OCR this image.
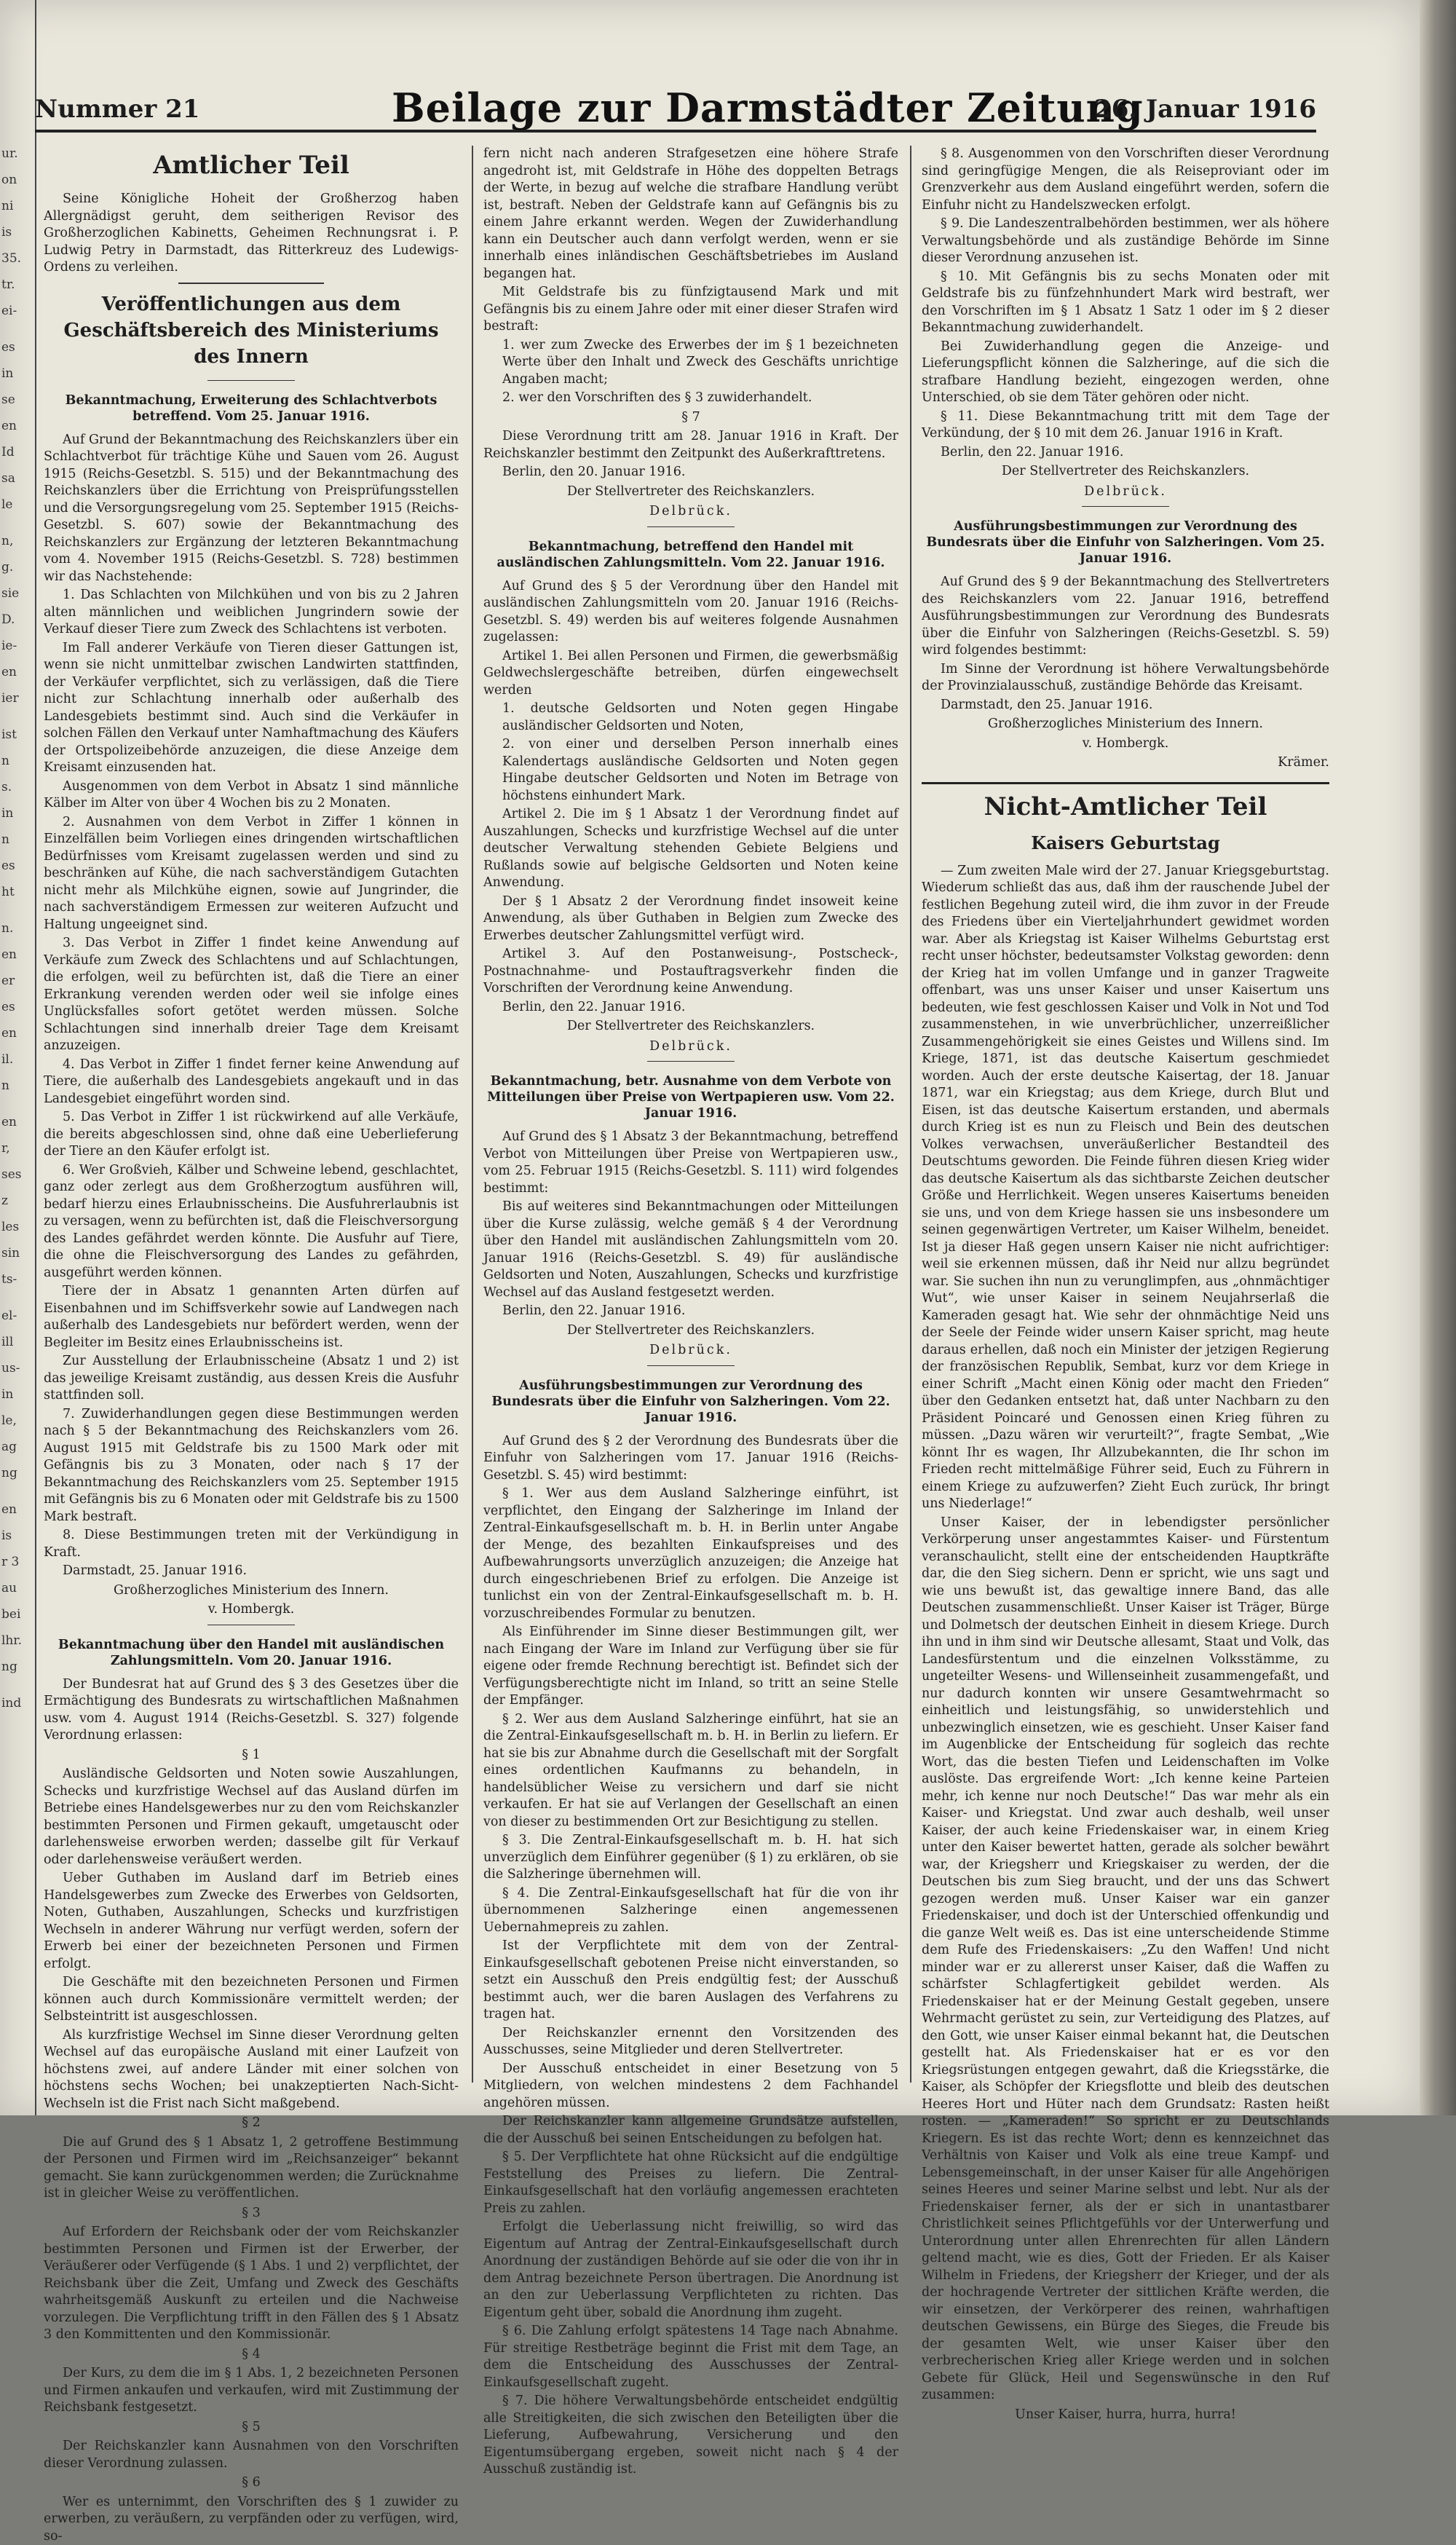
ur.
on
ni
is
35.
tr.
ei-
es
in
se
en
Id
sa
le
n,
g.
sie
D.
ie-
en
ier
ist
n
s.
in
n
es
ht
n.
en
er
es
en
il.
n
en
r,
ses
z
les
sin
ts-
el-
ill
us-
in
le,
ag
ng
en
is
r 3
au
bei
lhr.
ng
ind
Nummer 21	Beilage zur Darmstädter Zeitung
26. Januar 1916
Amtlicher Teil

Seine Königliche Hoheit der Großherzog haben Allergnädigst geruht, dem seitherigen Revisor des Großherzoglichen Kabinetts, Geheimen Rechnungsrat i. P. Ludwig Petry in Darmstadt, das Ritterkreuz des Ludewigs-Ordens zu verleihen.

Veröffentlichungen aus dem Geschäftsbereich des Ministeriums des Innern
Bekanntmachung, Erweiterung des Schlachtverbots betreffend. Vom 25. Januar 1916.

Auf Grund der Bekanntmachung des Reichskanzlers über ein Schlachtverbot für trächtige Kühe und Sauen vom 26. August 1915 (Reichs-Gesetzbl. S. 515) und der Bekanntmachung des Reichskanzlers über die Errichtung von Preisprüfungsstellen und die Versorgungsregelung vom 25. September 1915 (Reichs-Gesetzbl. S. 607) sowie der Bekanntmachung des Reichskanzlers zur Ergänzung der letzteren Bekanntmachung vom 4. November 1915 (Reichs-Gesetzbl. S. 728) bestimmen wir das Nachstehende:

1. Das Schlachten von Milchkühen und von bis zu 2 Jahren alten männlichen und weiblichen Jungrindern sowie der Verkauf dieser Tiere zum Zweck des Schlachtens ist verboten.

Im Fall anderer Verkäufe von Tieren dieser Gattungen ist, wenn sie nicht unmittelbar zwischen Landwirten stattfinden, der Verkäufer verpflichtet, sich zu verlässigen, daß die Tiere nicht zur Schlachtung innerhalb oder außerhalb des Landesgebiets bestimmt sind. Auch sind die Verkäufer in solchen Fällen den Verkauf unter Namhaftmachung des Käufers der Ortspolizeibehörde anzuzeigen, die diese Anzeige dem Kreisamt einzusenden hat.

Ausgenommen von dem Verbot in Absatz 1 sind männliche Kälber im Alter von über 4 Wochen bis zu 2 Monaten.

2. Ausnahmen von dem Verbot in Ziffer 1 können in Einzelfällen beim Vorliegen eines dringenden wirtschaftlichen Bedürfnisses vom Kreisamt zugelassen werden und sind zu beschränken auf Kühe, die nach sachverständigem Gutachten nicht mehr als Milchkühe eignen, sowie auf Jungrinder, die nach sachverständigem Ermessen zur weiteren Aufzucht und Haltung ungeeignet sind.

3. Das Verbot in Ziffer 1 findet keine Anwendung auf Verkäufe zum Zweck des Schlachtens und auf Schlachtungen, die erfolgen, weil zu befürchten ist, daß die Tiere an einer Erkrankung verenden werden oder weil sie infolge eines Unglücksfalles sofort getötet werden müssen. Solche Schlachtungen sind innerhalb dreier Tage dem Kreisamt anzuzeigen.

4. Das Verbot in Ziffer 1 findet ferner keine Anwendung auf Tiere, die außerhalb des Landesgebiets angekauft und in das Landesgebiet eingeführt worden sind.

5. Das Verbot in Ziffer 1 ist rückwirkend auf alle Verkäufe, die bereits abgeschlossen sind, ohne daß eine Ueberlieferung der Tiere an den Käufer erfolgt ist.

6. Wer Großvieh, Kälber und Schweine lebend, geschlachtet, ganz oder zerlegt aus dem Großherzogtum ausführen will, bedarf hierzu eines Erlaubnisscheins. Die Ausfuhrerlaubnis ist zu versagen, wenn zu befürchten ist, daß die Fleischversorgung des Landes gefährdet werden könnte. Die Ausfuhr auf Tiere, die ohne die Fleischversorgung des Landes zu gefährden, ausgeführt werden können.

Tiere der in Absatz 1 genannten Arten dürfen auf Eisenbahnen und im Schiffsverkehr sowie auf Landwegen nach außerhalb des Landesgebiets nur befördert werden, wenn der Begleiter im Besitz eines Erlaubnisscheins ist.

Zur Ausstellung der Erlaubnisscheine (Absatz 1 und 2) ist das jeweilige Kreisamt zuständig, aus dessen Kreis die Ausfuhr stattfinden soll.

7. Zuwiderhandlungen gegen diese Bestimmungen werden nach § 5 der Bekanntmachung des Reichskanzlers vom 26. August 1915 mit Geldstrafe bis zu 1500 Mark oder mit Gefängnis bis zu 3 Monaten, oder nach § 17 der Bekanntmachung des Reichskanzlers vom 25. September 1915 mit Gefängnis bis zu 6 Monaten oder mit Geldstrafe bis zu 1500 Mark bestraft.

8. Diese Bestimmungen treten mit der Verkündigung in Kraft.

Darmstadt, 25. Januar 1916.

Großherzogliches Ministerium des Innern.
v. Hombergk.
Bekanntmachung über den Handel mit ausländischen Zahlungsmitteln. Vom 20. Januar 1916.

Der Bundesrat hat auf Grund des § 3 des Gesetzes über die Ermächtigung des Bundesrats zu wirtschaftlichen Maßnahmen usw. vom 4. August 1914 (Reichs-Gesetzbl. S. 327) folgende Verordnung erlassen:

§ 1

Ausländische Geldsorten und Noten sowie Auszahlungen, Schecks und kurzfristige Wechsel auf das Ausland dürfen im Betriebe eines Handelsgewerbes nur zu den vom Reichskanzler bestimmten Personen und Firmen gekauft, umgetauscht oder darlehensweise erworben werden; dasselbe gilt für Verkauf oder darlehensweise veräußert werden.

Ueber Guthaben im Ausland darf im Betrieb eines Handelsgewerbes zum Zwecke des Erwerbes von Geldsorten, Noten, Guthaben, Auszahlungen, Schecks und kurzfristigen Wechseln in anderer Währung nur verfügt werden, sofern der Erwerb bei einer der bezeichneten Personen und Firmen erfolgt.

Die Geschäfte mit den bezeichneten Personen und Firmen können auch durch Kommissionäre vermittelt werden; der Selbsteintritt ist ausgeschlossen.

Als kurzfristige Wechsel im Sinne dieser Verordnung gelten Wechsel auf das europäische Ausland mit einer Laufzeit von höchstens zwei, auf andere Länder mit einer solchen von höchstens sechs Wochen; bei unakzeptierten Nach-Sicht-Wechseln ist die Frist nach Sicht maßgebend.

§ 2

Die auf Grund des § 1 Absatz 1, 2 getroffene Bestimmung der Personen und Firmen wird im „Reichsanzeiger“ bekannt gemacht. Sie kann zurückgenommen werden; die Zurücknahme ist in gleicher Weise zu veröffentlichen.

§ 3

Auf Erfordern der Reichsbank oder der vom Reichskanzler bestimmten Personen und Firmen ist der Erwerber, der Veräußerer oder Verfügende (§ 1 Abs. 1 und 2) verpflichtet, der Reichsbank über die Zeit, Umfang und Zweck des Geschäfts wahrheitsgemäß Auskunft zu erteilen und die Nachweise vorzulegen. Die Verpflichtung trifft in den Fällen des § 1 Absatz 3 den Kommittenten und den Kommissionär.

§ 4

Der Kurs, zu dem die im § 1 Abs. 1, 2 bezeichneten Personen und Firmen ankaufen und verkaufen, wird mit Zustimmung der Reichsbank festgesetzt.

§ 5

Der Reichskanzler kann Ausnahmen von den Vorschriften dieser Verordnung zulassen.

§ 6

Wer es unternimmt, den Vorschriften des § 1 zuwider zu erwerben, zu veräußern, zu verpfänden oder zu verfügen, wird, so-

fern nicht nach anderen Strafgesetzen eine höhere Strafe angedroht ist, mit Geldstrafe in Höhe des doppelten Betrags der Werte, in bezug auf welche die strafbare Handlung verübt ist, bestraft. Neben der Geldstrafe kann auf Gefängnis bis zu einem Jahre erkannt werden. Wegen der Zuwiderhandlung kann ein Deutscher auch dann verfolgt werden, wenn er sie innerhalb eines inländischen Geschäftsbetriebes im Ausland begangen hat.

Mit Geldstrafe bis zu fünfzigtausend Mark und mit Gefängnis bis zu einem Jahre oder mit einer dieser Strafen wird bestraft:

1. wer zum Zwecke des Erwerbes der im § 1 bezeichneten Werte über den Inhalt und Zweck des Geschäfts unrichtige Angaben macht;

2. wer den Vorschriften des § 3 zuwiderhandelt.

§ 7

Diese Verordnung tritt am 28. Januar 1916 in Kraft. Der Reichskanzler bestimmt den Zeitpunkt des Außerkrafttretens.

Berlin, den 20. Januar 1916.

Der Stellvertreter des Reichskanzlers.
Delbrück.
Bekanntmachung, betreffend den Handel mit ausländischen Zahlungsmitteln. Vom 22. Januar 1916.

Auf Grund des § 5 der Verordnung über den Handel mit ausländischen Zahlungsmitteln vom 20. Januar 1916 (Reichs-Gesetzbl. S. 49) werden bis auf weiteres folgende Ausnahmen zugelassen:

Artikel 1. Bei allen Personen und Firmen, die gewerbsmäßig Geldwechslergeschäfte betreiben, dürfen eingewechselt werden

1. deutsche Geldsorten und Noten gegen Hingabe ausländischer Geldsorten und Noten,

2. von einer und derselben Person innerhalb eines Kalendertags ausländische Geldsorten und Noten gegen Hingabe deutscher Geldsorten und Noten im Betrage von höchstens einhundert Mark.

Artikel 2. Die im § 1 Absatz 1 der Verordnung findet auf Auszahlungen, Schecks und kurzfristige Wechsel auf die unter deutscher Verwaltung stehenden Gebiete Belgiens und Rußlands sowie auf belgische Geldsorten und Noten keine Anwendung.

Der § 1 Absatz 2 der Verordnung findet insoweit keine Anwendung, als über Guthaben in Belgien zum Zwecke des Erwerbes deutscher Zahlungsmittel verfügt wird.

Artikel 3. Auf den Postanweisung-, Postscheck-, Postnachnahme- und Postauftragsverkehr finden die Vorschriften der Verordnung keine Anwendung.

Berlin, den 22. Januar 1916.

Der Stellvertreter des Reichskanzlers.
Delbrück.
Bekanntmachung, betr. Ausnahme von dem Verbote von Mitteilungen über Preise von Wertpapieren usw. Vom 22. Januar 1916.

Auf Grund des § 1 Absatz 3 der Bekanntmachung, betreffend Verbot von Mitteilungen über Preise von Wertpapieren usw., vom 25. Februar 1915 (Reichs-Gesetzbl. S. 111) wird folgendes bestimmt:

Bis auf weiteres sind Bekanntmachungen oder Mitteilungen über die Kurse zulässig, welche gemäß § 4 der Verordnung über den Handel mit ausländischen Zahlungsmitteln vom 20. Januar 1916 (Reichs-Gesetzbl. S. 49) für ausländische Geldsorten und Noten, Auszahlungen, Schecks und kurzfristige Wechsel auf das Ausland festgesetzt werden.

Berlin, den 22. Januar 1916.

Der Stellvertreter des Reichskanzlers.
Delbrück.
Ausführungsbestimmungen zur Verordnung des Bundesrats über die Einfuhr von Salzheringen. Vom 22. Januar 1916.

Auf Grund des § 2 der Verordnung des Bundesrats über die Einfuhr von Salzheringen vom 17. Januar 1916 (Reichs-Gesetzbl. S. 45) wird bestimmt:

§ 1. Wer aus dem Ausland Salzheringe einführt, ist verpflichtet, den Eingang der Salzheringe im Inland der Zentral-Einkaufsgesellschaft m. b. H. in Berlin unter Angabe der Menge, des bezahlten Einkaufspreises und des Aufbewahrungsorts unverzüglich anzuzeigen; die Anzeige hat durch eingeschriebenen Brief zu erfolgen. Die Anzeige ist tunlichst ein von der Zentral-Einkaufsgesellschaft m. b. H. vorzuschreibendes Formular zu benutzen.

Als Einführender im Sinne dieser Bestimmungen gilt, wer nach Eingang der Ware im Inland zur Verfügung über sie für eigene oder fremde Rechnung berechtigt ist. Befindet sich der Verfügungsberechtigte nicht im Inland, so tritt an seine Stelle der Empfänger.

§ 2. Wer aus dem Ausland Salzheringe einführt, hat sie an die Zentral-Einkaufsgesellschaft m. b. H. in Berlin zu liefern. Er hat sie bis zur Abnahme durch die Gesellschaft mit der Sorgfalt eines ordentlichen Kaufmanns zu behandeln, in handelsüblicher Weise zu versichern und darf sie nicht verkaufen. Er hat sie auf Verlangen der Gesellschaft an einen von dieser zu bestimmenden Ort zur Besichtigung zu stellen.

§ 3. Die Zentral-Einkaufsgesellschaft m. b. H. hat sich unverzüglich dem Einführer gegenüber (§ 1) zu erklären, ob sie die Salzheringe übernehmen will.

§ 4. Die Zentral-Einkaufsgesellschaft hat für die von ihr übernommenen Salzheringe einen angemessenen Uebernahmepreis zu zahlen.

Ist der Verpflichtete mit dem von der Zentral-Einkaufsgesellschaft gebotenen Preise nicht einverstanden, so setzt ein Ausschuß den Preis endgültig fest; der Ausschuß bestimmt auch, wer die baren Auslagen des Verfahrens zu tragen hat.

Der Reichskanzler ernennt den Vorsitzenden des Ausschusses, seine Mitglieder und deren Stellvertreter.

Der Ausschuß entscheidet in einer Besetzung von 5 Mitgliedern, von welchen mindestens 2 dem Fachhandel angehören müssen.

Der Reichskanzler kann allgemeine Grundsätze aufstellen, die der Ausschuß bei seinen Entscheidungen zu befolgen hat.

§ 5. Der Verpflichtete hat ohne Rücksicht auf die endgültige Feststellung des Preises zu liefern. Die Zentral-Einkaufsgesellschaft hat den vorläufig angemessen erachteten Preis zu zahlen.

Erfolgt die Ueberlassung nicht freiwillig, so wird das Eigentum auf Antrag der Zentral-Einkaufsgesellschaft durch Anordnung der zuständigen Behörde auf sie oder die von ihr in dem Antrag bezeichnete Person übertragen. Die Anordnung ist an den zur Ueberlassung Verpflichteten zu richten. Das Eigentum geht über, sobald die Anordnung ihm zugeht.

§ 6. Die Zahlung erfolgt spätestens 14 Tage nach Abnahme. Für streitige Restbeträge beginnt die Frist mit dem Tage, an dem die Entscheidung des Ausschusses der Zentral-Einkaufsgesellschaft zugeht.

§ 7. Die höhere Verwaltungsbehörde entscheidet endgültig alle Streitigkeiten, die sich zwischen den Beteiligten über die Lieferung, Aufbewahrung, Versicherung und den Eigentumsübergang ergeben, soweit nicht nach § 4 der Ausschuß zuständig ist.

§ 8. Ausgenommen von den Vorschriften dieser Verordnung sind geringfügige Mengen, die als Reiseproviant oder im Grenzverkehr aus dem Ausland eingeführt werden, sofern die Einfuhr nicht zu Handelszwecken erfolgt.

§ 9. Die Landeszentralbehörden bestimmen, wer als höhere Verwaltungsbehörde und als zuständige Behörde im Sinne dieser Verordnung anzusehen ist.

§ 10. Mit Gefängnis bis zu sechs Monaten oder mit Geldstrafe bis zu fünfzehnhundert Mark wird bestraft, wer den Vorschriften im § 1 Absatz 1 Satz 1 oder im § 2 dieser Bekanntmachung zuwiderhandelt.

Bei Zuwiderhandlung gegen die Anzeige- und Lieferungspflicht können die Salzheringe, auf die sich die strafbare Handlung bezieht, eingezogen werden, ohne Unterschied, ob sie dem Täter gehören oder nicht.

§ 11. Diese Bekanntmachung tritt mit dem Tage der Verkündung, der § 10 mit dem 26. Januar 1916 in Kraft.

Berlin, den 22. Januar 1916.

Der Stellvertreter des Reichskanzlers.
Delbrück.
Ausführungsbestimmungen zur Verordnung des Bundesrats über die Einfuhr von Salzheringen. Vom 25. Januar 1916.

Auf Grund des § 9 der Bekanntmachung des Stellvertreters des Reichskanzlers vom 22. Januar 1916, betreffend Ausführungsbestimmungen zur Verordnung des Bundesrats über die Einfuhr von Salzheringen (Reichs-Gesetzbl. S. 59) wird folgendes bestimmt:

Im Sinne der Verordnung ist höhere Verwaltungsbehörde der Provinzialausschuß, zuständige Behörde das Kreisamt.

Darmstadt, den 25. Januar 1916.

Großherzogliches Ministerium des Innern.
v. Hombergk.
Krämer.
Nicht-Amtlicher Teil
Kaisers Geburtstag

— Zum zweiten Male wird der 27. Januar Kriegsgeburtstag. Wiederum schließt das aus, daß ihm der rauschende Jubel der festlichen Begehung zuteil wird, die ihm zuvor in der Freude des Friedens über ein Vierteljahrhundert gewidmet worden war. Aber als Kriegstag ist Kaiser Wilhelms Geburtstag erst recht unser höchster, bedeutsamster Volkstag geworden: denn der Krieg hat im vollen Umfange und in ganzer Tragweite offenbart, was uns unser Kaiser und unser Kaisertum uns bedeuten, wie fest geschlossen Kaiser und Volk in Not und Tod zusammenstehen, in wie unverbrüchlicher, unzerreißlicher Zusammengehörigkeit sie eines Geistes und Willens sind. Im Kriege, 1871, ist das deutsche Kaisertum geschmiedet worden. Auch der erste deutsche Kaisertag, der 18. Januar 1871, war ein Kriegstag; aus dem Kriege, durch Blut und Eisen, ist das deutsche Kaisertum erstanden, und abermals durch Krieg ist es nun zu Fleisch und Bein des deutschen Volkes verwachsen, unveräußerlicher Bestandteil des Deutschtums geworden. Die Feinde führen diesen Krieg wider das deutsche Kaisertum als das sichtbarste Zeichen deutscher Größe und Herrlichkeit. Wegen unseres Kaisertums beneiden sie uns, und von dem Kriege hassen sie uns insbesondere um seinen gegenwärtigen Vertreter, um Kaiser Wilhelm, beneidet. Ist ja dieser Haß gegen unsern Kaiser nie nicht aufrichtiger: weil sie erkennen müssen, daß ihr Neid nur allzu begründet war. Sie suchen ihn nun zu verunglimpfen, aus „ohnmächtiger Wut“, wie unser Kaiser in seinem Neujahrserlaß die Kameraden gesagt hat. Wie sehr der ohnmächtige Neid uns der Seele der Feinde wider unsern Kaiser spricht, mag heute daraus erhellen, daß noch ein Minister der jetzigen Regierung der französischen Republik, Sembat, kurz vor dem Kriege in einer Schrift „Macht einen König oder macht den Frieden“ über den Gedanken entsetzt hat, daß unter Nachbarn zu den Präsident Poincaré und Genossen einen Krieg führen zu müssen. „Dazu wären wir verurteilt?“, fragte Sembat, „Wie könnt Ihr es wagen, Ihr Allzubekannten, die Ihr schon im Frieden recht mittelmäßige Führer seid, Euch zu Führern in einem Kriege zu aufzuwerfen? Zieht Euch zurück, Ihr bringt uns Niederlage!“

Unser Kaiser, der in lebendigster persönlicher Verkörperung unser angestammtes Kaiser- und Fürstentum veranschaulicht, stellt eine der entscheidenden Hauptkräfte dar, die den Sieg sichern. Denn er spricht, wie uns sagt und wie uns bewußt ist, das gewaltige innere Band, das alle Deutschen zusammenschließt. Unser Kaiser ist Träger, Bürge und Dolmetsch der deutschen Einheit in diesem Kriege. Durch ihn und in ihm sind wir Deutsche allesamt, Staat und Volk, das Landesfürstentum und die einzelnen Volksstämme, zu ungeteilter Wesens- und Willenseinheit zusammengefaßt, und nur dadurch konnten wir unsere Gesamtwehrmacht so einheitlich und leistungsfähig, so unwiderstehlich und unbezwinglich einsetzen, wie es geschieht. Unser Kaiser fand im Augenblicke der Entscheidung für sogleich das rechte Wort, das die besten Tiefen und Leidenschaften im Volke auslöste. Das ergreifende Wort: „Ich kenne keine Parteien mehr, ich kenne nur noch Deutsche!“ Das war mehr als ein Kaiser- und Kriegstat. Und zwar auch deshalb, weil unser Kaiser, der auch keine Friedenskaiser war, in einem Krieg unter den Kaiser bewertet hatten, gerade als solcher bewährt war, der Kriegsherr und Kriegskaiser zu werden, der die Deutschen bis zum Sieg braucht, und der uns das Schwert gezogen werden muß. Unser Kaiser war ein ganzer Friedenskaiser, und doch ist der Unterschied offenkundig und die ganze Welt weiß es. Das ist eine unterscheidende Stimme dem Rufe des Friedenskaisers: „Zu den Waffen! Und nicht minder war er zu allererst unser Kaiser, daß die Waffen zu schärfster Schlagfertigkeit gebildet werden. Als Friedenskaiser hat er der Meinung Gestalt gegeben, unsere Wehrmacht gerüstet zu sein, zur Verteidigung des Platzes, auf den Gott, wie unser Kaiser einmal bekannt hat, die Deutschen gestellt hat. Als Friedenskaiser hat er es vor den Kriegsrüstungen entgegen gewahrt, daß die Kriegsstärke, die Kaiser, als Schöpfer der Kriegsflotte und bleib des deutschen Heeres Hort und Hüter nach dem Grundsatz: Rasten heißt rosten. — „Kameraden!“ So spricht er zu Deutschlands Kriegern. Es ist das rechte Wort; denn es kennzeichnet das Verhältnis von Kaiser und Volk als eine treue Kampf- und Lebensgemeinschaft, in der unser Kaiser für alle Angehörigen seines Heeres und seiner Marine selbst und lebt. Nur als der Friedenskaiser ferner, als der er sich in unantastbarer Christlichkeit seines Pflichtgefühls vor der Unterwerfung und Unterordnung unter allen Ehrenrechten für allen Ländern geltend macht, wie es dies, Gott der Frieden. Er als Kaiser Wilhelm in Friedens, der Kriegsherr der Krieger, und der als der hochragende Vertreter der sittlichen Kräfte werden, die wir einsetzen, der Verkörperer des reinen, wahrhaftigen deutschen Gewissens, ein Bürge des Sieges, die Freude bis der gesamten Welt, wie unser Kaiser über den verbrecherischen Krieg aller Kriege werden und in solchen Gebete für Glück, Heil und Segenswünsche in den Ruf zusammen:

Unser Kaiser, hurra, hurra, hurra!
